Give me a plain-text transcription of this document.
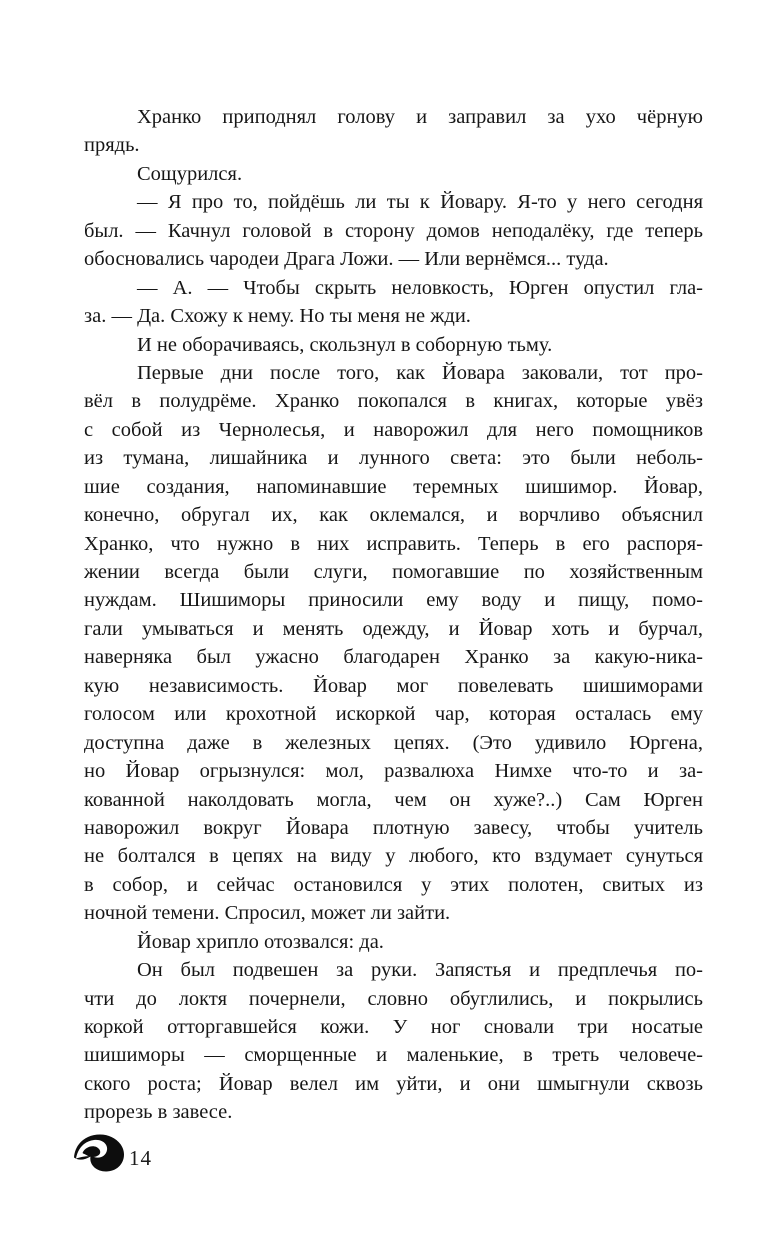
Хранко приподнял голову и заправил за ухо чёрную
прядь.
Сощурился.
— Я про то, пойдёшь ли ты к Йовару. Я-то у него сегодня
был. — Качнул головой в сторону домов неподалёку, где теперь
обосновались чародеи Драга Ложи. — Или вернёмся... туда.
— А. — Чтобы скрыть неловкость, Юрген опустил гла-
за. — Да. Схожу к нему. Но ты меня не жди.
И не оборачиваясь, скользнул в соборную тьму.
Первые дни после того, как Йовара заковали, тот про-
вёл в полудрёме. Хранко покопался в книгах, которые увёз
с собой из Чернолесья, и наворожил для него помощников
из тумана, лишайника и лунного света: это были неболь-
шие создания, напоминавшие теремных шишимор. Йовар,
конечно, обругал их, как оклемался, и ворчливо объяснил
Хранко, что нужно в них исправить. Теперь в его распоря-
жении всегда были слуги, помогавшие по хозяйственным
нуждам. Шишиморы приносили ему воду и пищу, помо-
гали умываться и менять одежду, и Йовар хоть и бурчал,
наверняка был ужасно благодарен Хранко за какую-ника-
кую независимость. Йовар мог повелевать шишиморами
голосом или крохотной искоркой чар, которая осталась ему
доступна даже в железных цепях. (Это удивило Юргена,
но Йовар огрызнулся: мол, развалюха Нимхе что-то и за-
кованной наколдовать могла, чем он хуже?..) Сам Юрген
наворожил вокруг Йовара плотную завесу, чтобы учитель
не болтался в цепях на виду у любого, кто вздумает сунуться
в собор, и сейчас остановился у этих полотен, свитых из
ночной темени. Спросил, может ли зайти.
Йовар хрипло отозвался: да.
Он был подвешен за руки. Запястья и предплечья по-
чти до локтя почернели, словно обуглились, и покрылись
коркой отторгавшейся кожи. У ног сновали три носатые
шишиморы — сморщенные и маленькие, в треть человече-
ского роста; Йовар велел им уйти, и они шмыгнули сквозь
прорезь в завесе.
14
